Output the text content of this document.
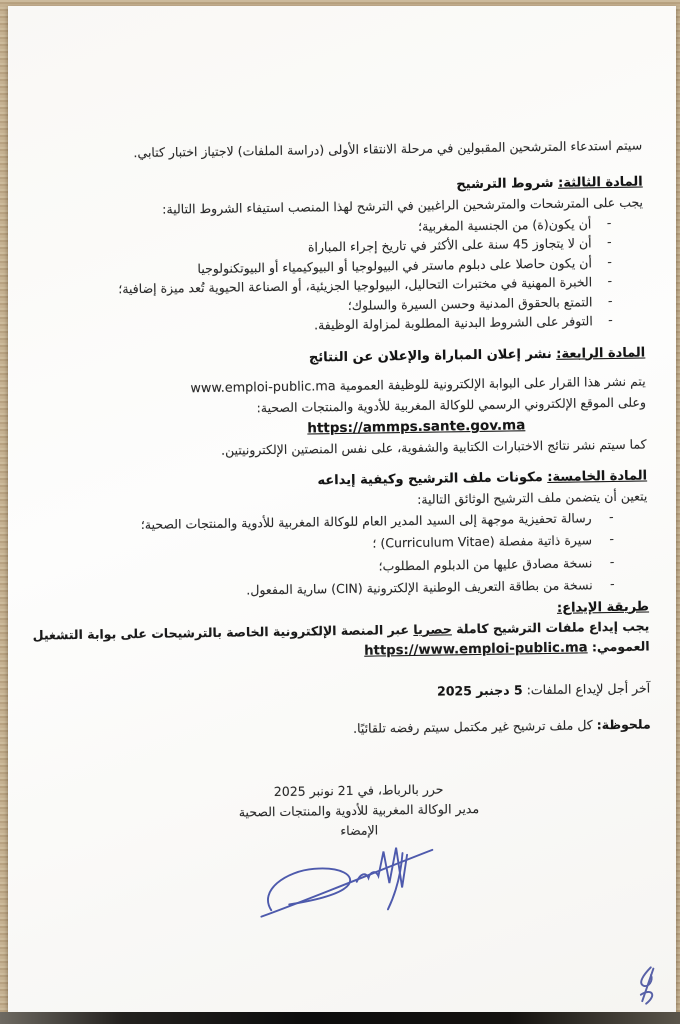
سيتم استدعاء المترشحين المقبولين في مرحلة الانتقاء الأولى (دراسة الملفات) لاجتياز اختبار كتابي.

المادة الثالثة: شروط الترشيح

يجب على المترشحات والمترشحين الراغبين في الترشح لهذا المنصب استيفاء الشروط التالية:

-
أن يكون(ة) من الجنسية المغربية؛
-
أن لا يتجاوز 45 سنة على الأكثر في تاريخ إجراء المباراة
-
أن يكون حاصلا على دبلوم ماستر في البيولوجيا أو البيوكيمياء أو البيوتكنولوجيا
-
الخبرة المهنية في مختبرات التحاليل، البيولوجيا الجزيئية، أو الصناعة الحيوية تُعد ميزة إضافية؛
-
التمتع بالحقوق المدنية وحسن السيرة والسلوك؛
-
التوفر على الشروط البدنية المطلوبة لمزاولة الوظيفة.

المادة الرابعة: نشر إعلان المباراة والإعلان عن النتائج

يتم نشر هذا القرار على البوابة الإلكترونية للوظيفة العمومية www.emploi-public.ma

وعلى الموقع الإلكتروني الرسمي للوكالة المغربية للأدوية والمنتجات الصحية:

https://ammps.sante.gov.ma

كما سيتم نشر نتائج الاختبارات الكتابية والشفوية، على نفس المنصتين الإلكترونيتين.

المادة الخامسة: مكونات ملف الترشيح وكيفية إيداعه

يتعين أن يتضمن ملف الترشيح الوثائق التالية:

-
رسالة تحفيزية موجهة إلى السيد المدير العام للوكالة المغربية للأدوية والمنتجات الصحية؛
-
سيرة ذاتية مفصلة (Curriculum Vitae) ؛
-
نسخة مصادق عليها من الدبلوم المطلوب؛
-
نسخة من بطاقة التعريف الوطنية الإلكترونية (CIN) سارية المفعول.

طريقة الإيداع:

يجب إيداع ملفات الترشيح كاملة حصريا عبر المنصة الإلكترونية الخاصة بالترشيحات على بوابة التشغيل

العمومي: https://www.emploi-public.ma

آخر أجل لإيداع الملفات: 5 دجنبر 2025

ملحوظة: كل ملف ترشيح غير مكتمل سيتم رفضه تلقائيًا.

حرر بالرباط، في 21 نونبر 2025
مدير الوكالة المغربية للأدوية والمنتجات الصحية
الإمضاء
